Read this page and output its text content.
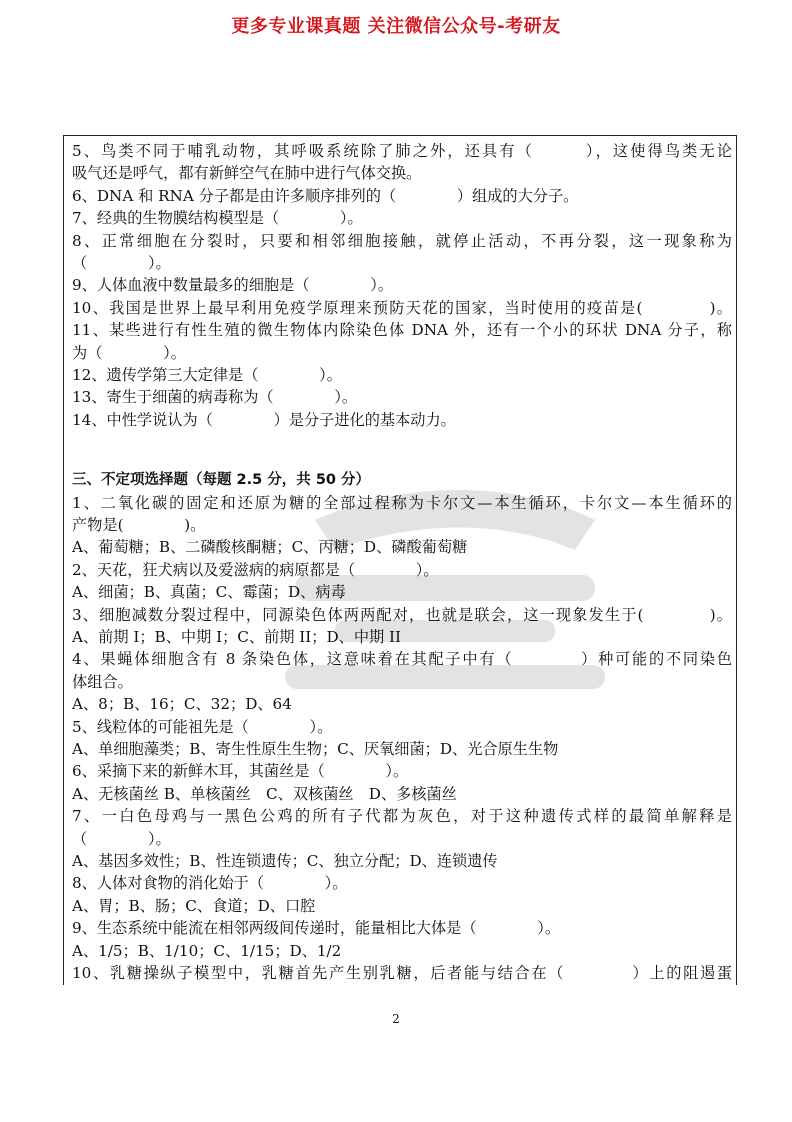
更多专业课真题 关注微信公众号-考研友
5、鸟类不同于哺乳动物，其呼吸系统除了肺之外，还具有（　　　），这使得鸟类无论
吸气还是呼气，都有新鲜空气在肺中进行气体交换。
6、DNA 和 RNA 分子都是由许多顺序排列的（　　　　）组成的大分子。
7、经典的生物膜结构模型是（　　　　）。
8、正常细胞在分裂时，只要和相邻细胞接触，就停止活动，不再分裂，这一现象称为
（　　　　）。
9、人体血液中数量最多的细胞是（　　　　）。
10、我国是世界上最早利用免疫学原理来预防天花的国家，当时使用的疫苗是(　　　　)。
11、某些进行有性生殖的微生物体内除染色体 DNA 外，还有一个小的环状 DNA 分子，称
为（　　　　）。
12、遗传学第三大定律是（　　　　）。
13、寄生于细菌的病毒称为（　　　　）。
14、中性学说认为（　　　　）是分子进化的基本动力。
三、不定项选择题（每题 2.5 分，共 50 分）
1、二氧化碳的固定和还原为糖的全部过程称为卡尔文—本生循环，卡尔文—本生循环的
产物是(　　　　)。
A、葡萄糖；B、二磷酸核酮糖；C、丙糖；D、磷酸葡萄糖
2、天花，狂犬病以及爱滋病的病原都是（　　　　）。
A、细菌；B、真菌；C、霉菌；D、病毒
3、细胞减数分裂过程中，同源染色体两两配对，也就是联会，这一现象发生于(　　　　)。
A、前期 I；B、中期 I；C、前期 II；D、中期 II
4、果蝇体细胞含有 8 条染色体，这意味着在其配子中有（　　　　）种可能的不同染色
体组合。
A、8；B、16；C、32；D、64
5、线粒体的可能祖先是（　　　　）。
A、单细胞藻类；B、寄生性原生生物；C、厌氧细菌；D、光合原生生物
6、采摘下来的新鲜木耳，其菌丝是（　　　　）。
A、无核菌丝 B、单核菌丝　C、双核菌丝　D、多核菌丝
7、一白色母鸡与一黑色公鸡的所有子代都为灰色，对于这种遗传式样的最简单解释是
（　　　　）。
A、基因多效性；B、性连锁遗传；C、独立分配；D、连锁遗传
8、人体对食物的消化始于（　　　　）。
A、胃；B、肠；C、食道；D、口腔
9、生态系统中能流在相邻两级间传递时，能量相比大体是（　　　　）。
A、1/5；B、1/10；C、1/15；D、1/2
10、乳糖操纵子模型中，乳糖首先产生别乳糖，后者能与结合在（　　　　）上的阻遏蛋
2
